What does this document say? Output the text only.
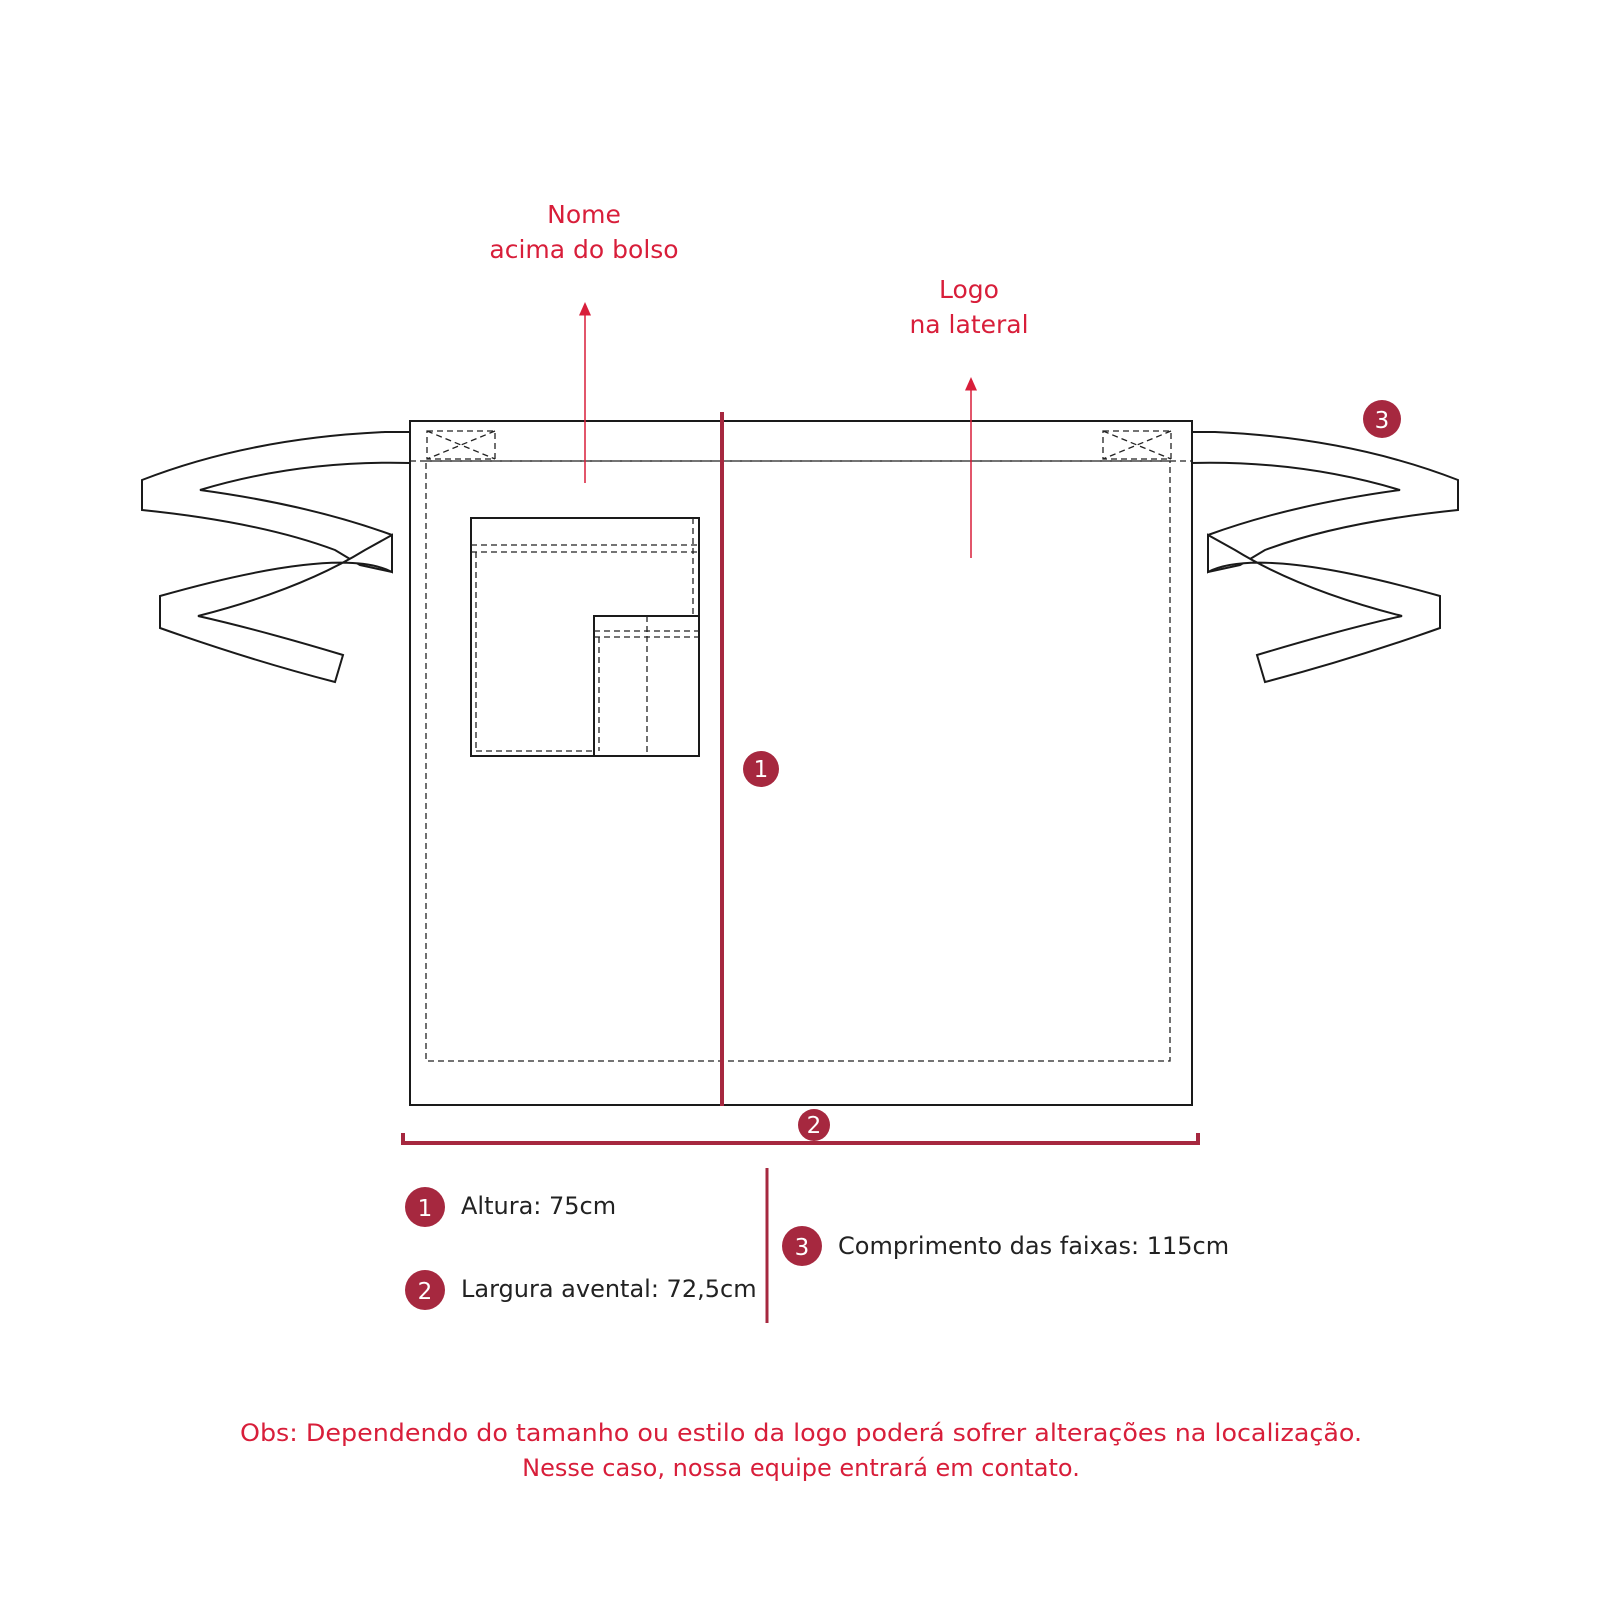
1
2
3
Nome
acima do bolso
Logo
na lateral
1 Altura: 75cm
2 Largura avental: 72,5cm
3 Comprimento das faixas: 115cm
Obs: Dependendo do tamanho ou estilo da logo poderá sofrer alterações na localização.
Nesse caso, nossa equipe entrará em contato.
